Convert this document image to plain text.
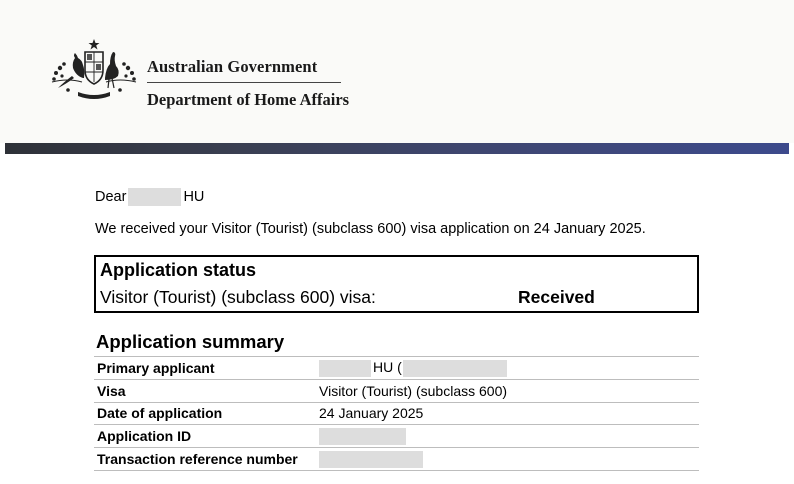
Australian Government
Department of Home Affairs
Dear	HU
We received your Visitor (Tourist) (subclass 600) visa application on 24 January 2025.
Application status
Visitor (Tourist) (subclass 600) visa:	Received
Application summary
Primary applicant	HU (
Visa	Visitor (Tourist) (subclass 600)
Date of application	24 January 2025
Application ID	
Transaction reference number	
